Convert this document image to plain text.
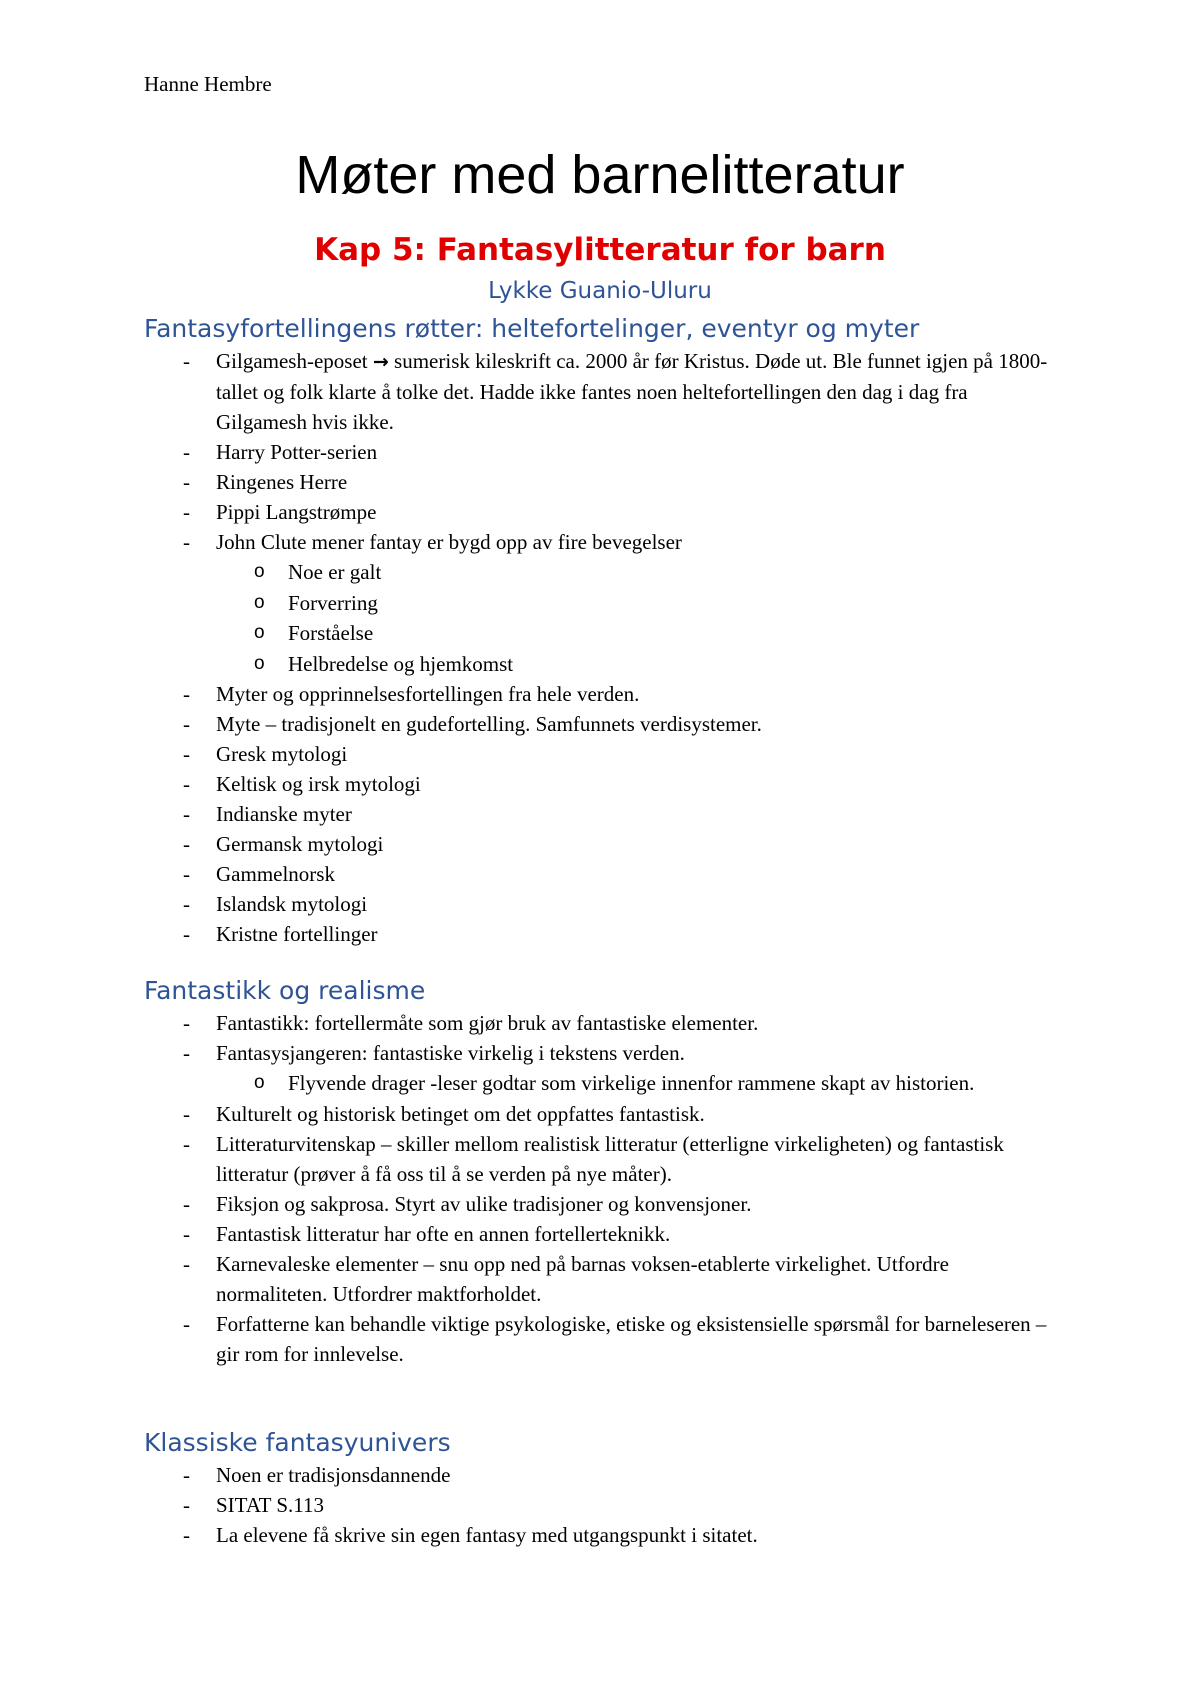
Hanne Hembre
Møter med barnelitteratur
Kap 5: Fantasylitteratur for barn
Lykke Guanio-Uluru
Fantasyfortellingens røtter: heltefortelinger, eventyr og myter
- Gilgamesh-eposet → sumerisk kileskrift ca. 2000 år før Kristus. Døde ut. Ble funnet igjen på 1800-tallet og folk klarte å tolke det. Hadde ikke fantes noen heltefortellingen den dag i dag fra Gilgamesh hvis ikke.
- Harry Potter-serien
- Ringenes Herre
- Pippi Langstrømpe
- John Clute mener fantay er bygd opp av fire bevegelser
o Noe er galt
o Forverring
o Forståelse
o Helbredelse og hjemkomst
- Myter og opprinnelsesfortellingen fra hele verden.
- Myte – tradisjonelt en gudefortelling. Samfunnets verdisystemer.
- Gresk mytologi
- Keltisk og irsk mytologi
- Indianske myter
- Germansk mytologi
- Gammelnorsk
- Islandsk mytologi
- Kristne fortellinger
Fantastikk og realisme
- Fantastikk: fortellermåte som gjør bruk av fantastiske elementer.
- Fantasysjangeren: fantastiske virkelig i tekstens verden.
o Flyvende drager -leser godtar som virkelige innenfor rammene skapt av historien.
- Kulturelt og historisk betinget om det oppfattes fantastisk.
- Litteraturvitenskap – skiller mellom realistisk litteratur (etterligne virkeligheten) og fantastisk litteratur (prøver å få oss til å se verden på nye måter).
- Fiksjon og sakprosa. Styrt av ulike tradisjoner og konvensjoner.
- Fantastisk litteratur har ofte en annen fortellerteknikk.
- Karnevaleske elementer – snu opp ned på barnas voksen-etablerte virkelighet. Utfordre normaliteten. Utfordrer maktforholdet.
- Forfatterne kan behandle viktige psykologiske, etiske og eksistensielle spørsmål for barneleseren – gir rom for innlevelse.
Klassiske fantasyunivers
- Noen er tradisjonsdannende
- SITAT S.113
- La elevene få skrive sin egen fantasy med utgangspunkt i sitatet.
